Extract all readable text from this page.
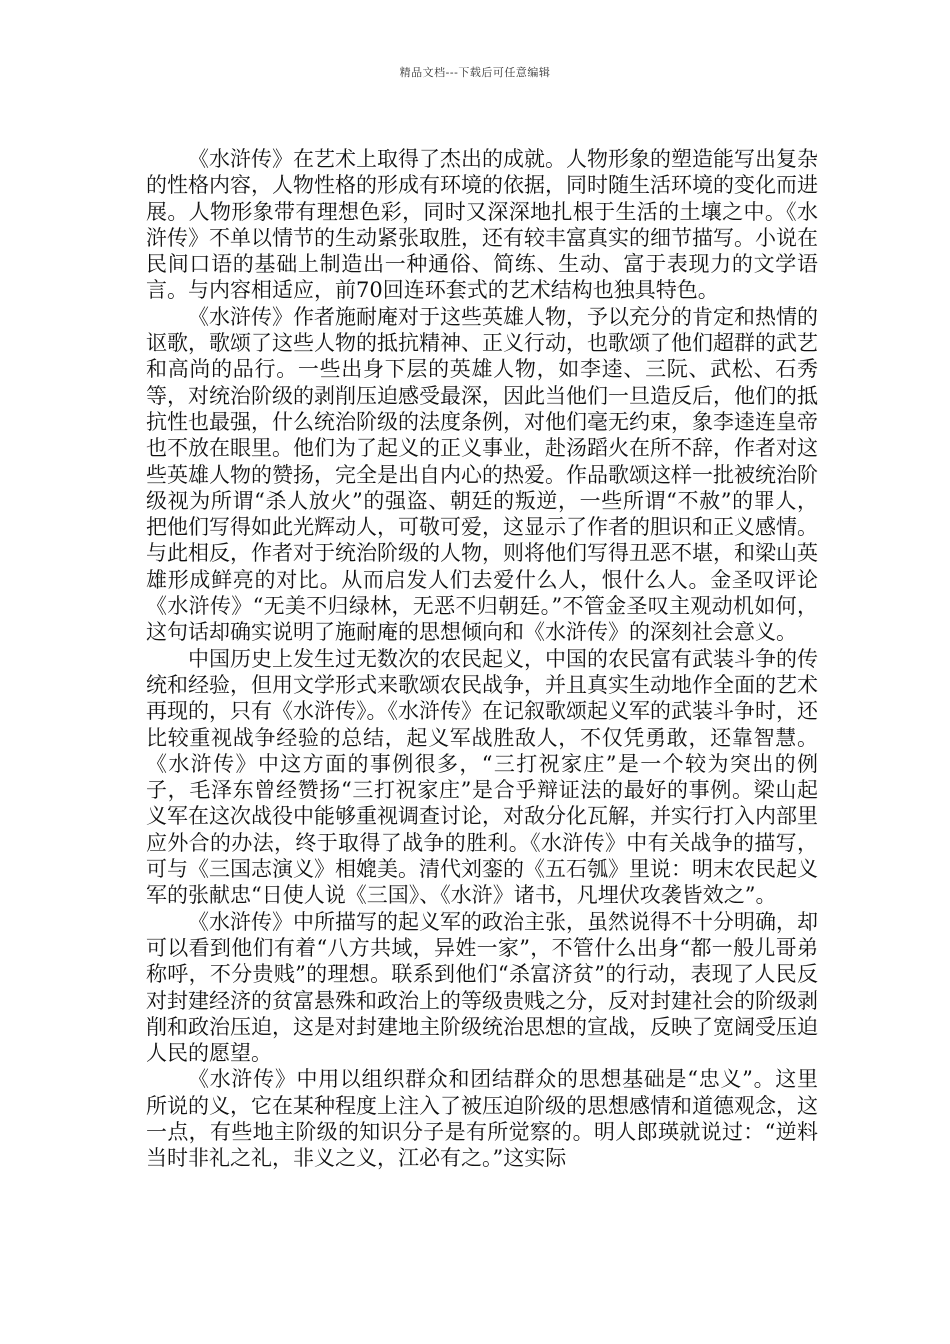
精品文档---下载后可任意编辑

《水浒传》在艺术上取得了杰出的成就。人物形象的塑造能写出复杂的性格内容，人物性格的形成有环境的依据，同时随生活环境的变化而进展。人物形象带有理想色彩，同时又深深地扎根于生活的土壤之中。《水浒传》不单以情节的生动紧张取胜，还有较丰富真实的细节描写。小说在民间口语的基础上制造出一种通俗、简练、生动、富于表现力的文学语言。与内容相适应，前70回连环套式的艺术结构也独具特色。

《水浒传》作者施耐庵对于这些英雄人物，予以充分的肯定和热情的讴歌，歌颂了这些人物的抵抗精神、正义行动，也歌颂了他们超群的武艺和高尚的品行。一些出身下层的英雄人物，如李逵、三阮、武松、石秀等，对统治阶级的剥削压迫感受最深，因此当他们一旦造反后，他们的抵抗性也最强，什么统治阶级的法度条例，对他们毫无约束，象李逵连皇帝也不放在眼里。他们为了起义的正义事业，赴汤蹈火在所不辞，作者对这些英雄人物的赞扬，完全是出自内心的热爱。作品歌颂这样一批被统治阶级视为所谓“杀人放火”的强盗、朝廷的叛逆，一些所谓“不赦”的罪人，把他们写得如此光辉动人，可敬可爱，这显示了作者的胆识和正义感情。与此相反，作者对于统治阶级的人物，则将他们写得丑恶不堪，和梁山英雄形成鲜亮的对比。从而启发人们去爱什么人，恨什么人。金圣叹评论《水浒传》“无美不归绿林，无恶不归朝廷。”不管金圣叹主观动机如何，这句话却确实说明了施耐庵的思想倾向和《水浒传》的深刻社会意义。

中国历史上发生过无数次的农民起义，中国的农民富有武装斗争的传统和经验，但用文学形式来歌颂农民战争，并且真实生动地作全面的艺术再现的，只有《水浒传》。《水浒传》在记叙歌颂起义军的武装斗争时，还比较重视战争经验的总结，起义军战胜敌人，不仅凭勇敢，还靠智慧。《水浒传》中这方面的事例很多，“三打祝家庄”是一个较为突出的例子，毛泽东曾经赞扬“三打祝家庄”是合乎辩证法的最好的事例。梁山起义军在这次战役中能够重视调查讨论，对敌分化瓦解，并实行打入内部里应外合的办法，终于取得了战争的胜利。《水浒传》中有关战争的描写，可与《三国志演义》相媲美。清代刘銮的《五石瓠》里说：明末农民起义军的张献忠“日使人说《三国》、《水浒》诸书，凡埋伏攻袭皆效之”。

《水浒传》中所描写的起义军的政治主张，虽然说得不十分明确，却可以看到他们有着“八方共域，异姓一家”，不管什么出身“都一般儿哥弟称呼，不分贵贱”的理想。联系到他们“杀富济贫”的行动，表现了人民反对封建经济的贫富悬殊和政治上的等级贵贱之分，反对封建社会的阶级剥削和政治压迫，这是对封建地主阶级统治思想的宣战，反映了宽阔受压迫人民的愿望。

《水浒传》中用以组织群众和团结群众的思想基础是“忠义”。这里所说的义，它在某种程度上注入了被压迫阶级的思想感情和道德观念，这一点，有些地主阶级的知识分子是有所觉察的。明人郎瑛就说过：“逆料当时非礼之礼，非义之义，江必有之。”这实际
